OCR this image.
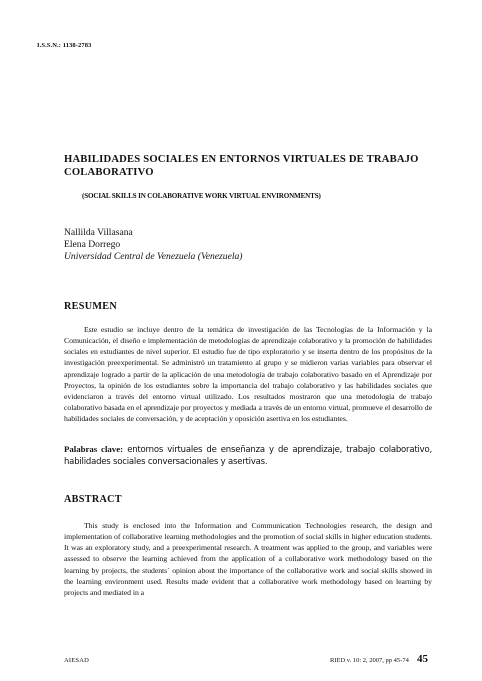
I.S.S.N.: 1138-2783
HABILIDADES SOCIALES EN ENTORNOS VIRTUALES DE TRABAJO COLABORATIVO
(SOCIAL SKILLS IN COLABORATIVE WORK VIRTUAL ENVIRONMENTS)
Nallilda Villasana
Elena Dorrego
Universidad Central de Venezuela (Venezuela)
RESUMEN
Este estudio se incluye dentro de la temática de investigación de las Tecnologías de la Información y la Comunicación, el diseño e implementación de metodologías de aprendizaje colaborativo y la promoción de habilidades sociales en estudiantes de nivel superior. El estudio fue de tipo exploratorio y se inserta dentro de los propósitos de la investigación preexperimental. Se administró un tratamiento al grupo y se midieron varias variables para observar el aprendizaje logrado a partir de la aplicación de una metodología de trabajo colaborativo basado en el Aprendizaje por Proyectos, la opinión de los estudiantes sobre la importancia del trabajo colaborativo y las habilidades sociales que evidenciaron a través del entorno virtual utilizado. Los resultados mostraron que una metodología de trabajo colaborativo basada en el aprendizaje por proyectos y mediada a través de un entorno virtual, promueve el desarrollo de habilidades sociales de conversación, y de aceptación y oposición asertiva en los estudiantes.
Palabras clave: entornos virtuales de enseñanza y de aprendizaje, trabajo colaborativo, habilidades sociales conversacionales y asertivas.
ABSTRACT
This study is enclosed into the Information and Communication Technologies research, the design and implementation of collaborative learning methodologies and the promotion of social skills in higher education students. It was an exploratory study, and a preexperimental research. A treatment was applied to the group, and variables were assessed to observe the learning achieved from the application of a collaborative work methodology based on the learning by projects, the students´ opinion about the importance of the collaborative work and social skills showed in the learning environment used. Results made evident that a collaborative work methodology based on learning by projects and mediated in a
AIESAD	RIED v. 10: 2, 2007, pp 45-74 45
